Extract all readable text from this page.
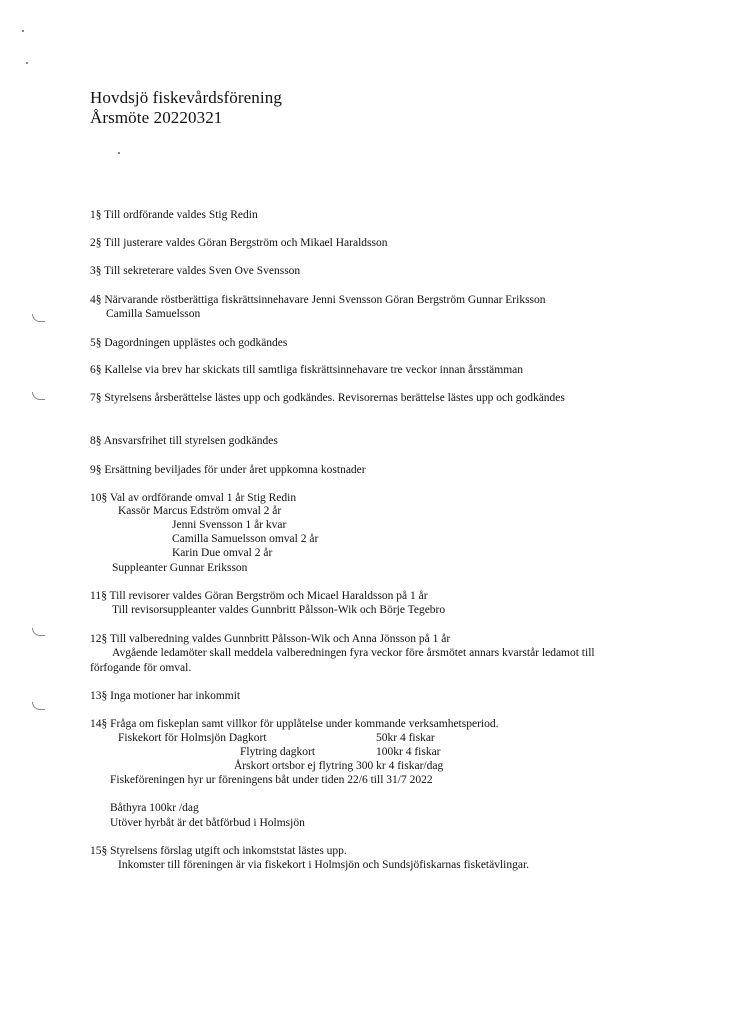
Hovdsjö fiskevårdsförening
Årsmöte 20220321
1§ Till ordförande valdes Stig Redin
2§ Till justerare valdes Göran Bergström och Mikael Haraldsson
3§ Till sekreterare valdes Sven Ove Svensson
4§ Närvarande röstberättiga fiskrättsinnehavare Jenni Svensson Göran Bergström Gunnar Eriksson
Camilla Samuelsson
5§ Dagordningen upplästes och godkändes
6§ Kallelse via brev har skickats till samtliga fiskrättsinnehavare tre veckor innan årsstämman
7§ Styrelsens årsberättelse lästes upp och godkändes. Revisorernas berättelse lästes upp och godkändes
8§ Ansvarsfrihet till styrelsen godkändes
9§ Ersättning beviljades för under året uppkomna kostnader
10§ Val av ordförande omval 1 år Stig Redin
Kassör Marcus Edström omval 2 år
Jenni Svensson 1 år kvar
Camilla Samuelsson omval 2 år
Karin Due omval 2 år
Suppleanter Gunnar Eriksson
11§ Till revisorer valdes Göran Bergström och Micael Haraldsson på 1 år
Till revisorsuppleanter valdes Gunnbritt Pålsson-Wik och Börje Tegebro
12§ Till valberedning valdes Gunnbritt Pålsson-Wik och Anna Jönsson på 1 år
Avgående ledamöter skall meddela valberedningen fyra veckor före årsmötet annars kvarstår ledamot till
förfogande för omval.
13§ Inga motioner har inkommit
14§ Fråga om fiskeplan samt villkor för upplåtelse under kommande verksamhetsperiod.
Fiskekort för Holmsjön Dagkort	50kr 4 fiskar
Flytring dagkort	100kr 4 fiskar
Årskort ortsbor ej flytring 300 kr 4 fiskar/dag
Fiskeföreningen hyr ur föreningens båt under tiden 22/6 till 31/7 2022
Båthyra 100kr /dag
Utöver hyrbåt är det båtförbud i Holmsjön
15§ Styrelsens förslag utgift och inkomststat lästes upp.
Inkomster till föreningen är via fiskekort i Holmsjön och Sundsjöfiskarnas fisketävlingar.
